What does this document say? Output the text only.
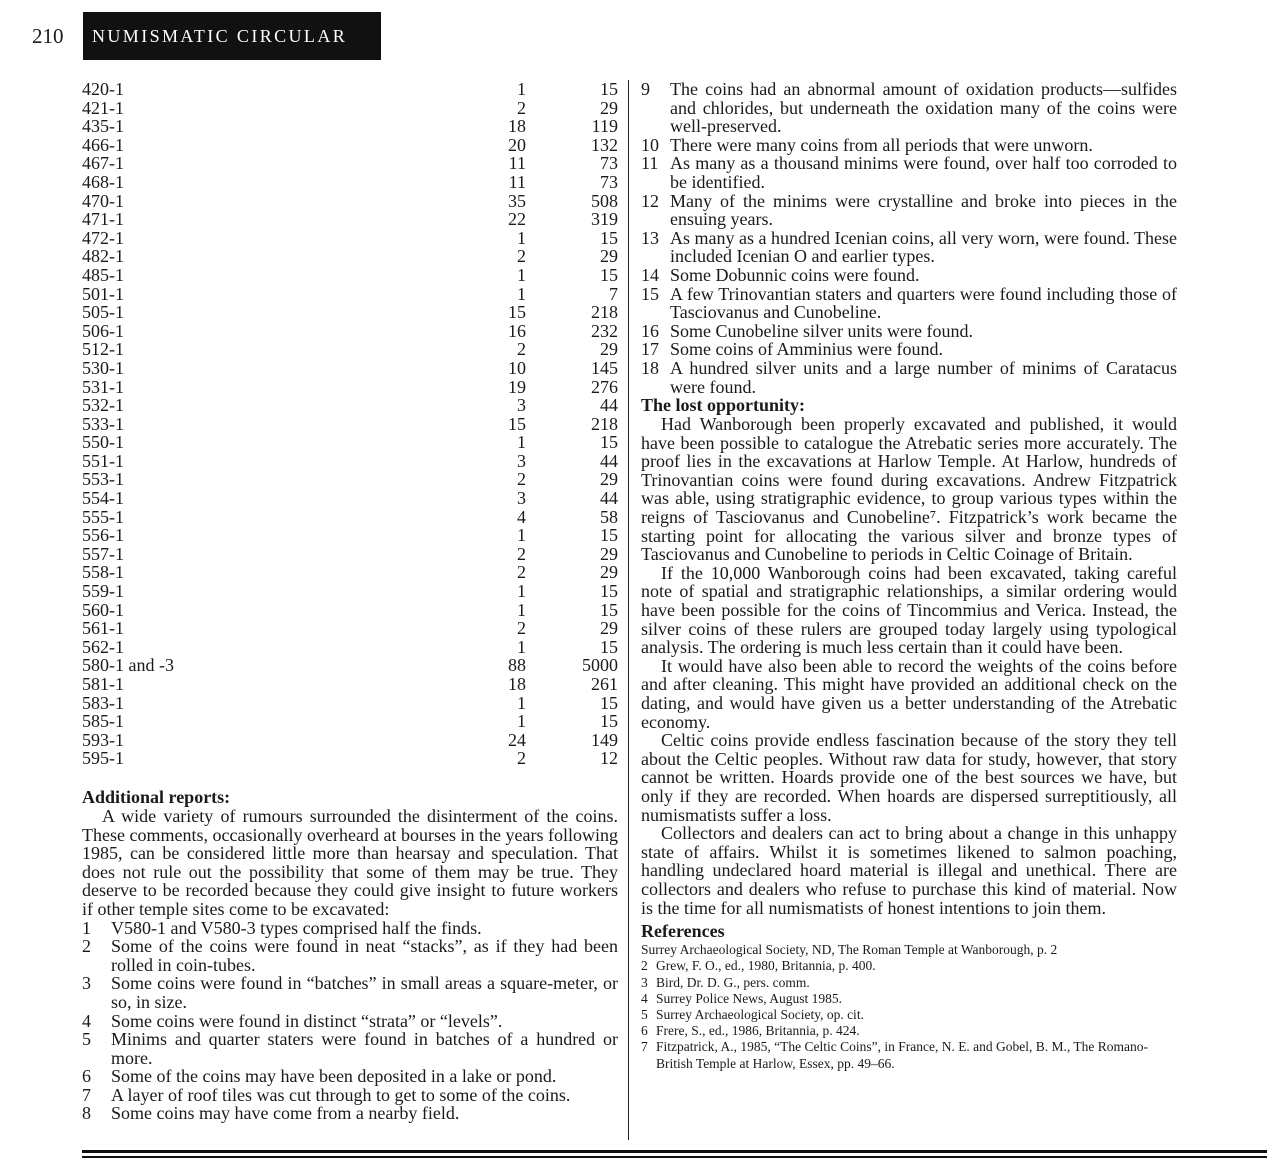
210	NUMISMATIC CIRCULAR
420-1	1	15
421-1	2	29
435-1	18	119
466-1	20	132
467-1	11	73
468-1	11	73
470-1	35	508
471-1	22	319
472-1	1	15
482-1	2	29
485-1	1	15
501-1	1	7
505-1	15	218
506-1	16	232
512-1	2	29
530-1	10	145
531-1	19	276
532-1	3	44
533-1	15	218
550-1	1	15
551-1	3	44
553-1	2	29
554-1	3	44
555-1	4	58
556-1	1	15
557-1	2	29
558-1	2	29
559-1	1	15
560-1	1	15
561-1	2	29
562-1	1	15
580-1 and -3	88	5000
581-1	18	261
583-1	1	15
585-1	1	15
593-1	24	149
595-1	2	12
Additional reports:

A wide variety of rumours surrounded the disinterment of the coins. These comments, occasionally overheard at bourses in the years following 1985, can be considered little more than hearsay and speculation. That does not rule out the possibility that some of them may be true. They deserve to be recorded because they could give insight to future workers if other temple sites come to be excavated:

1	V580-1 and V580-3 types comprised half the finds.
2	Some of the coins were found in neat “stacks”, as if they had been rolled in coin-tubes.
3	Some coins were found in “batches” in small areas a square-meter, or so, in size.
4	Some coins were found in distinct “strata” or “levels”.
5	Minims and quarter staters were found in batches of a hundred or more.
6	Some of the coins may have been deposited in a lake or pond.
7	A layer of roof tiles was cut through to get to some of the coins.
8	Some coins may have come from a nearby field.
9	The coins had an abnormal amount of oxidation products—sulfides and chlorides, but underneath the oxidation many of the coins were well-preserved.
10 There were many coins from all periods that were unworn.
11 As many as a thousand minims were found, over half too corroded to be identified.
12 Many of the minims were crystalline and broke into pieces in the ensuing years.
13 As many as a hundred Icenian coins, all very worn, were found. These included Icenian O and earlier types.
14 Some Dobunnic coins were found.
15 A few Trinovantian staters and quarters were found including those of Tasciovanus and Cunobeline.
16 Some Cunobeline silver units were found.
17 Some coins of Amminius were found.
18 A hundred silver units and a large number of minims of Caratacus were found.
The lost opportunity:

Had Wanborough been properly excavated and published, it would have been possible to catalogue the Atrebatic series more accurately. The proof lies in the excavations at Harlow Temple. At Harlow, hundreds of Trinovantian coins were found during excavations. Andrew Fitzpatrick was able, using stratigraphic evidence, to group various types within the reigns of Tasciovanus and Cunobeline⁷. Fitzpatrick’s work became the starting point for allocating the various silver and bronze types of Tasciovanus and Cunobeline to periods in Celtic Coinage of Britain.

If the 10,000 Wanborough coins had been excavated, taking careful note of spatial and stratigraphic relationships, a similar ordering would have been possible for the coins of Tincommius and Verica. Instead, the silver coins of these rulers are grouped today largely using typological analysis. The ordering is much less certain than it could have been.

It would have also been able to record the weights of the coins before and after cleaning. This might have provided an additional check on the dating, and would have given us a better understanding of the Atrebatic economy.

Celtic coins provide endless fascination because of the story they tell about the Celtic peoples. Without raw data for study, however, that story cannot be written. Hoards provide one of the best sources we have, but only if they are recorded. When hoards are dispersed surreptitiously, all numismatists suffer a loss.

Collectors and dealers can act to bring about a change in this unhappy state of affairs. Whilst it is sometimes likened to salmon poaching, handling undeclared hoard material is illegal and unethical. There are collectors and dealers who refuse to purchase this kind of material. Now is the time for all numismatists of honest intentions to join them.

References
Surrey Archaeological Society, ND, The Roman Temple at Wanborough, p. 2
2 Grew, F. O., ed., 1980, Britannia, p. 400.
3 Bird, Dr. D. G., pers. comm.
4 Surrey Police News, August 1985.
5 Surrey Archaeological Society, op. cit.
6 Frere, S., ed., 1986, Britannia, p. 424.
7 Fitzpatrick, A., 1985, “The Celtic Coins”, in France, N. E. and Gobel, B. M., The Romano-British Temple at Harlow, Essex, pp. 49–66.
